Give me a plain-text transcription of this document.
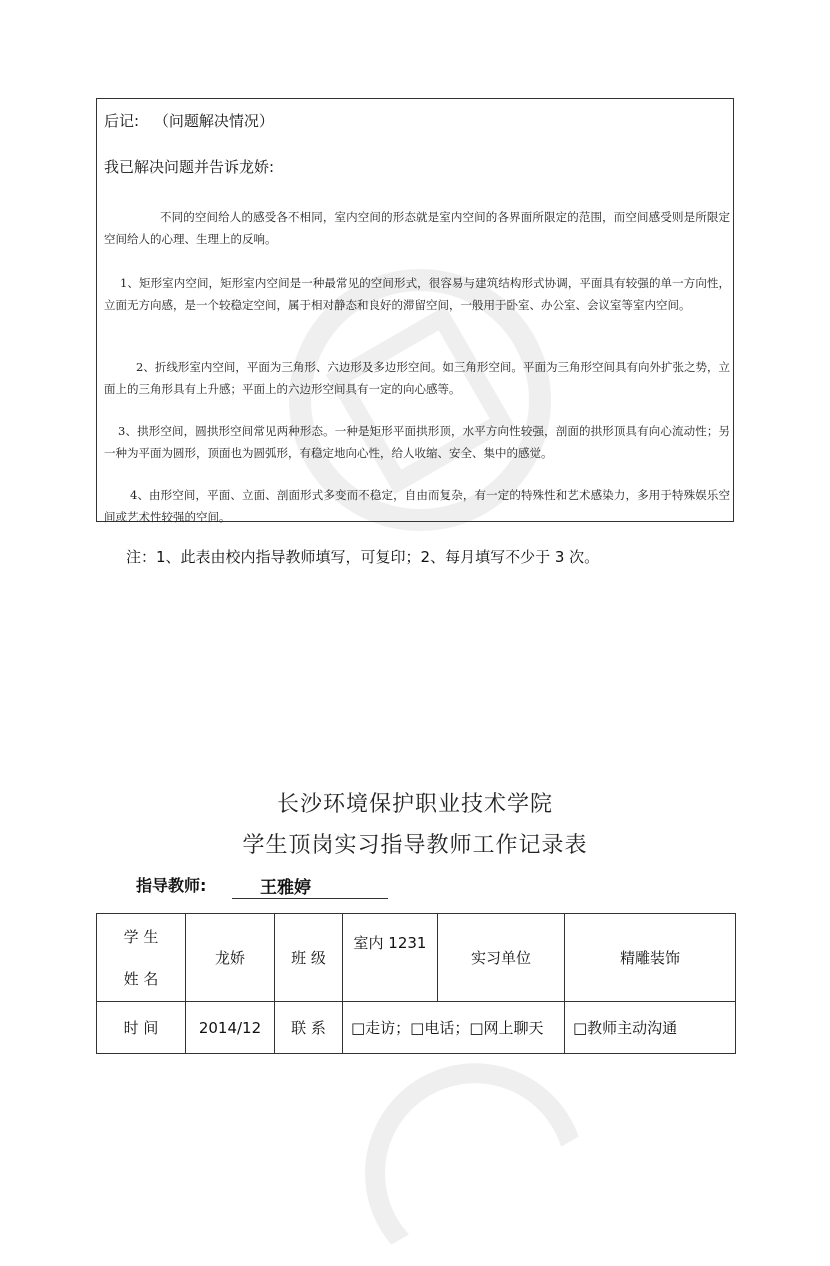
后记: （问题解决情况）
我已解决问题并告诉龙娇:
不同的空间给人的感受各不相同，室内空间的形态就是室内空间的各界面所限定的范围，而空间感受则是所限定空间给人的心理、生理上的反响。
1、矩形室内空间，矩形室内空间是一种最常见的空间形式，很容易与建筑结构形式协调，平面具有较强的单一方向性，立面无方向感，是一个较稳定空间，属于相对静态和良好的滞留空间，一般用于卧室、办公室、会议室等室内空间。
2、折线形室内空间，平面为三角形、六边形及多边形空间。如三角形空间。平面为三角形空间具有向外扩张之势，立面上的三角形具有上升感；平面上的六边形空间具有一定的向心感等。
3、拱形空间，圆拱形空间常见两种形态。一种是矩形平面拱形顶，水平方向性较强，剖面的拱形顶具有向心流动性；另一种为平面为圆形，顶面也为圆弧形，有稳定地向心性，给人收缩、安全、集中的感觉。
4、由形空间，平面、立面、剖面形式多变而不稳定，自由而复杂，有一定的特殊性和艺术感染力，多用于特殊娱乐空间或艺术性较强的空间。
注：1、此表由校内指导教师填写，可复印；2、每月填写不少于 3 次。
长沙环境保护职业技术学院
学生顶岗实习指导教师工作记录表
指导教师:	王雅婷
学 生
姓 名	龙娇	班 级	室内 1231	实习单位	精雕装饰
时 间	2014/12	联 系	□走访；□电话；□网上聊天		□教师主动沟通
